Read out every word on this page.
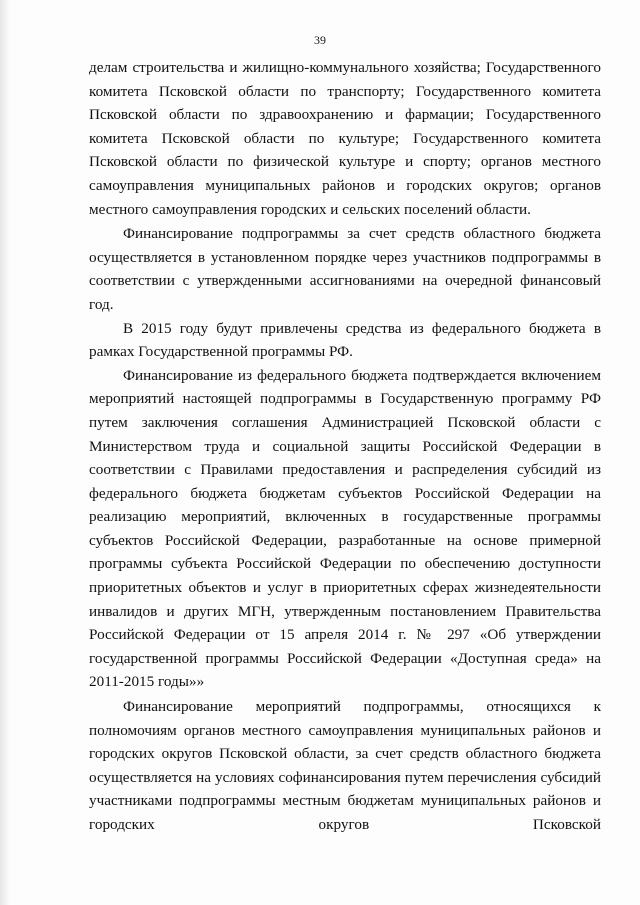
39

делам строительства и жилищно-коммунального хозяйства; Государственного комитета Псковской области по транспорту; Государственного комитета Псковской области по здравоохранению и фармации; Государственного комитета Псковской области по культуре; Государственного комитета Псковской области по физической культуре и спорту; органов местного самоуправления муниципальных районов и городских округов; органов местного самоуправления городских и сельских поселений области.

Финансирование подпрограммы за счет средств областного бюджета осуществляется в установленном порядке через участников подпрограммы в соответствии с утвержденными ассигнованиями на очередной финансовый год.

В 2015 году будут привлечены средства из федерального бюджета в рамках Государственной программы РФ.

Финансирование из федерального бюджета подтверждается включением мероприятий настоящей подпрограммы в Государственную программу РФ путем заключения соглашения Администрацией Псковской области с Министерством труда и социальной защиты Российской Федерации в соответствии с Правилами предоставления и распределения субсидий из федерального бюджета бюджетам субъектов Российской Федерации на реализацию мероприятий, включенных в государственные программы субъектов Российской Федерации, разработанные на основе примерной программы субъекта Российской Федерации по обеспечению доступности приоритетных объектов и услуг в приоритетных сферах жизнедеятельности инвалидов и других МГН, утвержденным постановлением Правительства Российской Федерации от 15 апреля 2014 г. № 297 «Об утверждении государственной программы Российской Федерации «Доступная среда» на 2011-2015 годы»»

Финансирование мероприятий подпрограммы, относящихся к полномочиям органов местного самоуправления муниципальных районов и городских округов Псковской области, за счет средств областного бюджета осуществляется на условиях софинансирования путем перечисления субсидий участниками подпрограммы местным бюджетам муниципальных районов и городских округов Псковской
